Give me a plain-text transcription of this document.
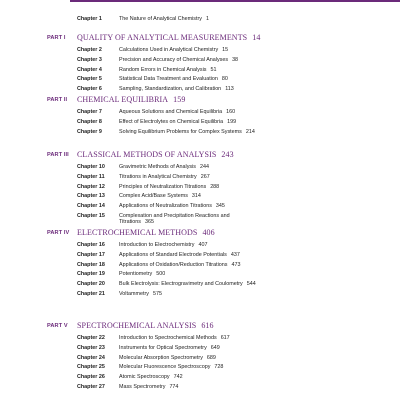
Chapter 1	The Nature of Analytical Chemistry 1
PART I QUALITY OF ANALYTICAL MEASUREMENTS 14
Chapter 2	Calculations Used in Analytical Chemistry 15
Chapter 3	Precision and Accuracy of Chemical Analyses 38
Chapter 4	Random Errors in Chemical Analysis 51
Chapter 5	Statistical Data Treatment and Evaluation 80
Chapter 6	Sampling, Standardization, and Calibration 113
PART II CHEMICAL EQUILIBRIA 159
Chapter 7	Aqueous Solutions and Chemical Equilibria 160
Chapter 8	Effect of Electrolytes on Chemical Equilibria 199
Chapter 9	Solving Equilibrium Problems for Complex Systems 214
PART III CLASSICAL METHODS OF ANALYSIS 243
Chapter 10	Gravimetric Methods of Analysis 244
Chapter 11	Titrations in Analytical Chemistry 267
Chapter 12	Principles of Neutralization Titrations 288
Chapter 13	Complex Acid/Base Systems 314
Chapter 14	Applications of Neutralization Titrations 345
Chapter 15	Complexation and Precipitation Reactions and Titrations 365
PART IV ELECTROCHEMICAL METHODS 406
Chapter 16	Introduction to Electrochemistry 407
Chapter 17	Applications of Standard Electrode Potentials 437
Chapter 18	Applications of Oxidation/Reduction Titrations 473
Chapter 19	Potentiometry 500
Chapter 20	Bulk Electrolysis: Electrogravimetry and Coulometry 544
Chapter 21	Voltammetry 575
PART V SPECTROCHEMICAL ANALYSIS 616
Chapter 22	Introduction to Spectrochemical Methods 617
Chapter 23	Instruments for Optical Spectrometry 649
Chapter 24	Molecular Absorption Spectrometry 689
Chapter 25	Molecular Fluorescence Spectroscopy 728
Chapter 26	Atomic Spectroscopy 742
Chapter 27	Mass Spectrometry 774
